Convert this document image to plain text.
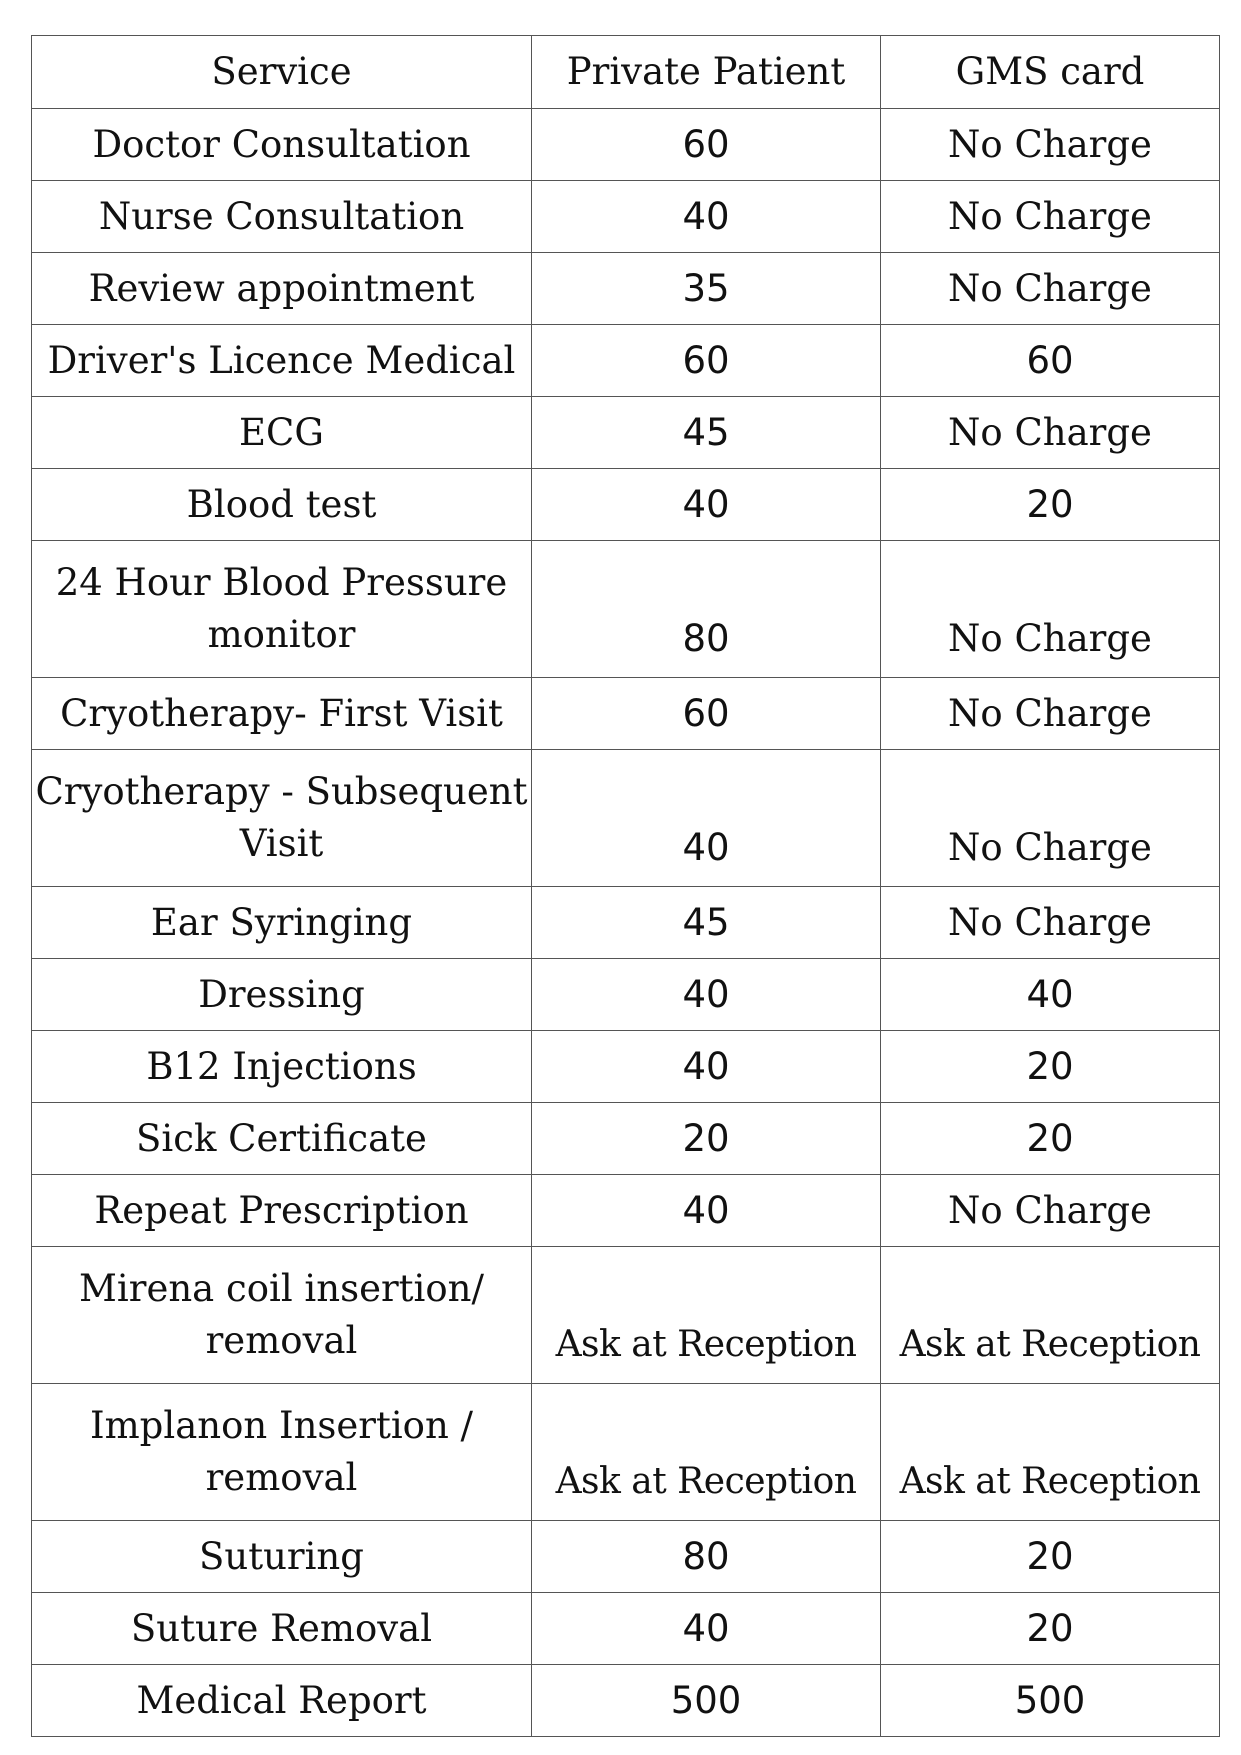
Service	Private Patient	GMS card

Doctor Consultation	60	No Charge

Nurse Consultation	40	No Charge

Review appointment	35	No Charge

Driver's Licence Medical	60	60

ECG	45	No Charge

Blood test	40	20

24 Hour Blood Pressure
monitor	80	No Charge

Cryotherapy- First Visit	60	No Charge

Cryotherapy - Subsequent
Visit	40	No Charge

Ear Syringing	45	No Charge

Dressing	40	40

B12 Injections	40	20

Sick Certificate	20	20

Repeat Prescription	40	No Charge

Mirena coil insertion/
removal	Ask at Reception	Ask at Reception

Implanon Insertion /
removal	Ask at Reception	Ask at Reception

Suturing	80	20

Suture Removal	40	20

Medical Report	500	500
